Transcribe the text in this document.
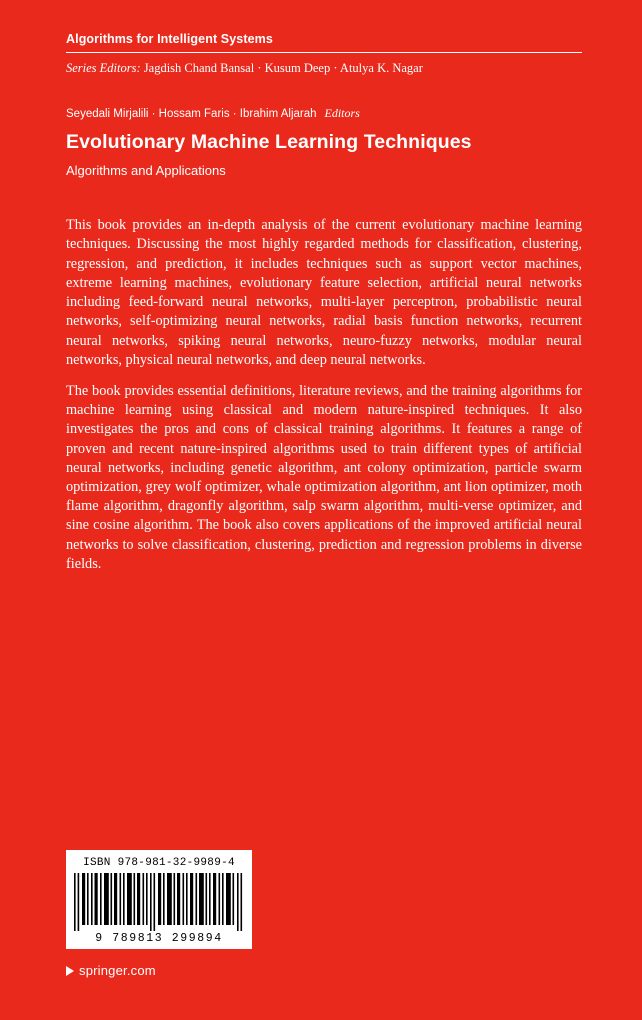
Algorithms for Intelligent Systems
Series Editors: Jagdish Chand Bansal · Kusum Deep · Atulya K. Nagar
Seyedali Mirjalili · Hossam Faris · Ibrahim Aljarah Editors
Evolutionary Machine Learning Techniques
Algorithms and Applications

This book provides an in-depth analysis of the current evolutionary machine learning techniques. Discussing the most highly regarded methods for classification, clustering, regression, and prediction, it includes techniques such as support vector machines, extreme learning machines, evolutionary feature selection, artificial neural networks including feed-forward neural networks, multi-layer perceptron, probabilistic neural networks, self-optimizing neural networks, radial basis function networks, recurrent neural networks, spiking neural networks, neuro-fuzzy networks, modular neural networks, physical neural networks, and deep neural networks.

The book provides essential definitions, literature reviews, and the training algorithms for machine learning using classical and modern nature-inspired techniques. It also investigates the pros and cons of classical training algorithms. It features a range of proven and recent nature-inspired algorithms used to train different types of artificial neural networks, including genetic algorithm, ant colony optimization, particle swarm optimization, grey wolf optimizer, whale optimization algorithm, ant lion optimizer, moth flame algorithm, dragonfly algorithm, salp swarm algorithm, multi-verse optimizer, and sine cosine algorithm. The book also covers applications of the improved artificial neural networks to solve classification, clustering, prediction and regression problems in diverse fields.

ISBN 978-981-32-9989-4
9 789813 299894
springer.com
